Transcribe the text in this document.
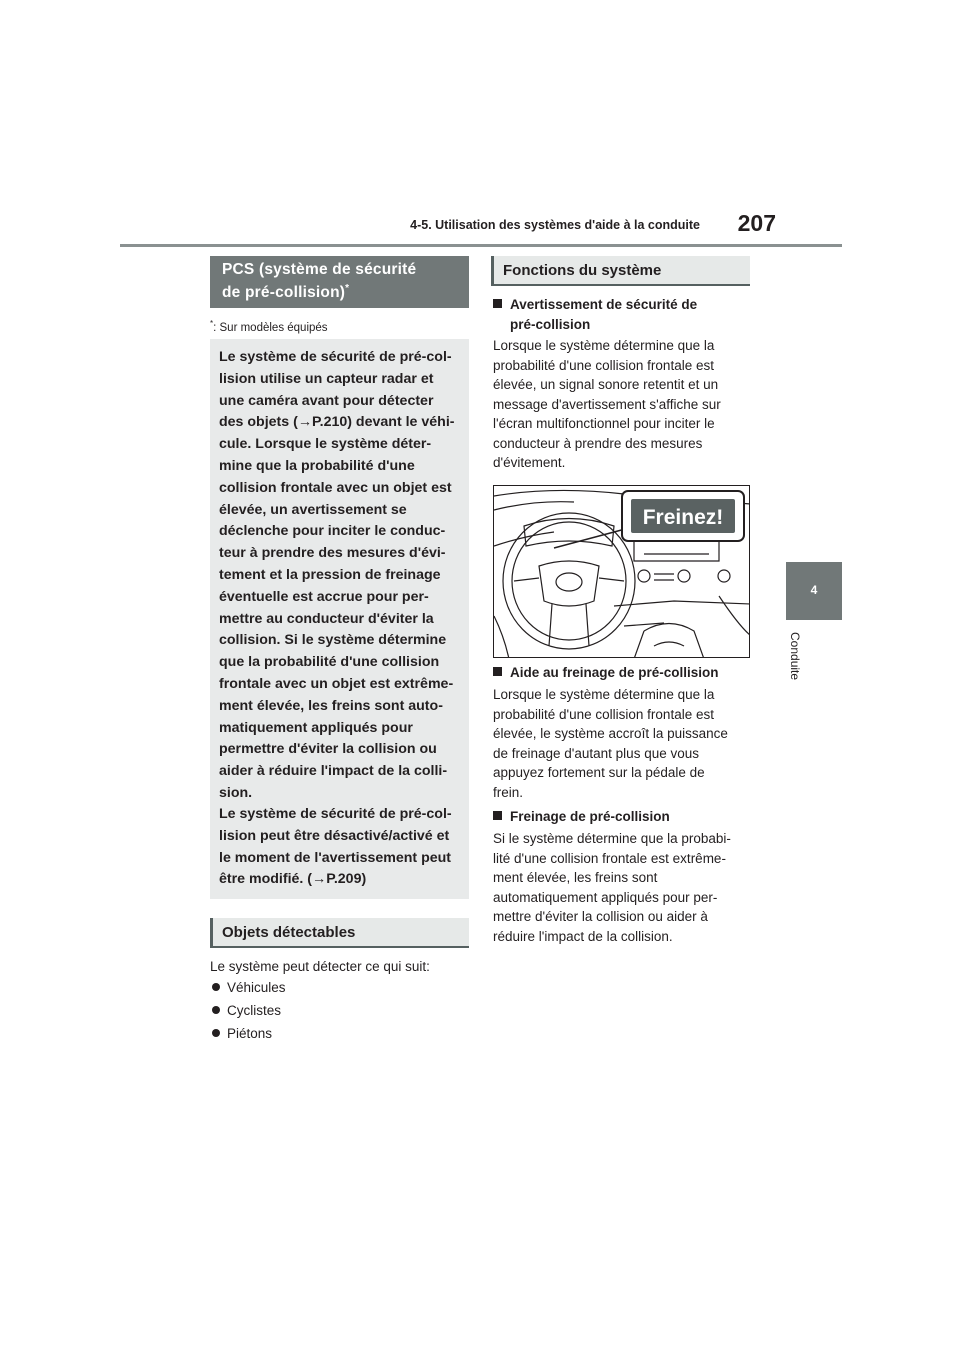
4-5. Utilisation des systèmes d'aide à la conduite	207
4
Conduite
PCS (système de sécurité
de pré-collision)*
*: Sur modèles équipés
Le système de sécurité de pré-col-
lision utilise un capteur radar et
une caméra avant pour détecter
des objets (→P.210) devant le véhi-
cule. Lorsque le système déter-
mine que la probabilité d'une
collision frontale avec un objet est
élevée, un avertissement se
déclenche pour inciter le conduc-
teur à prendre des mesures d'évi-
tement et la pression de freinage
éventuelle est accrue pour per-
mettre au conducteur d'éviter la
collision. Si le système détermine
que la probabilité d'une collision
frontale avec un objet est extrême-
ment élevée, les freins sont auto-
matiquement appliqués pour
permettre d'éviter la collision ou
aider à réduire l'impact de la colli-
sion.
Le système de sécurité de pré-col-
lision peut être désactivé/activé et
le moment de l'avertissement peut
être modifié. (→P.209)
Objets détectables
Le système peut détecter ce qui suit:
Véhicules
Cyclistes
Piétons
Fonctions du système
Avertissement de sécurité de
pré-collision
Lorsque le système détermine que la
probabilité d'une collision frontale est
élevée, un signal sonore retentit et un
message d'avertissement s'affiche sur
l'écran multifonctionnel pour inciter le
conducteur à prendre des mesures
d'évitement.
Freinez!
Aide au freinage de pré-collision
Lorsque le système détermine que la
probabilité d'une collision frontale est
élevée, le système accroît la puissance
de freinage d'autant plus que vous
appuyez fortement sur la pédale de
frein.
Freinage de pré-collision
Si le système détermine que la probabi-
lité d'une collision frontale est extrême-
ment élevée, les freins sont
automatiquement appliqués pour per-
mettre d'éviter la collision ou aider à
réduire l'impact de la collision.
